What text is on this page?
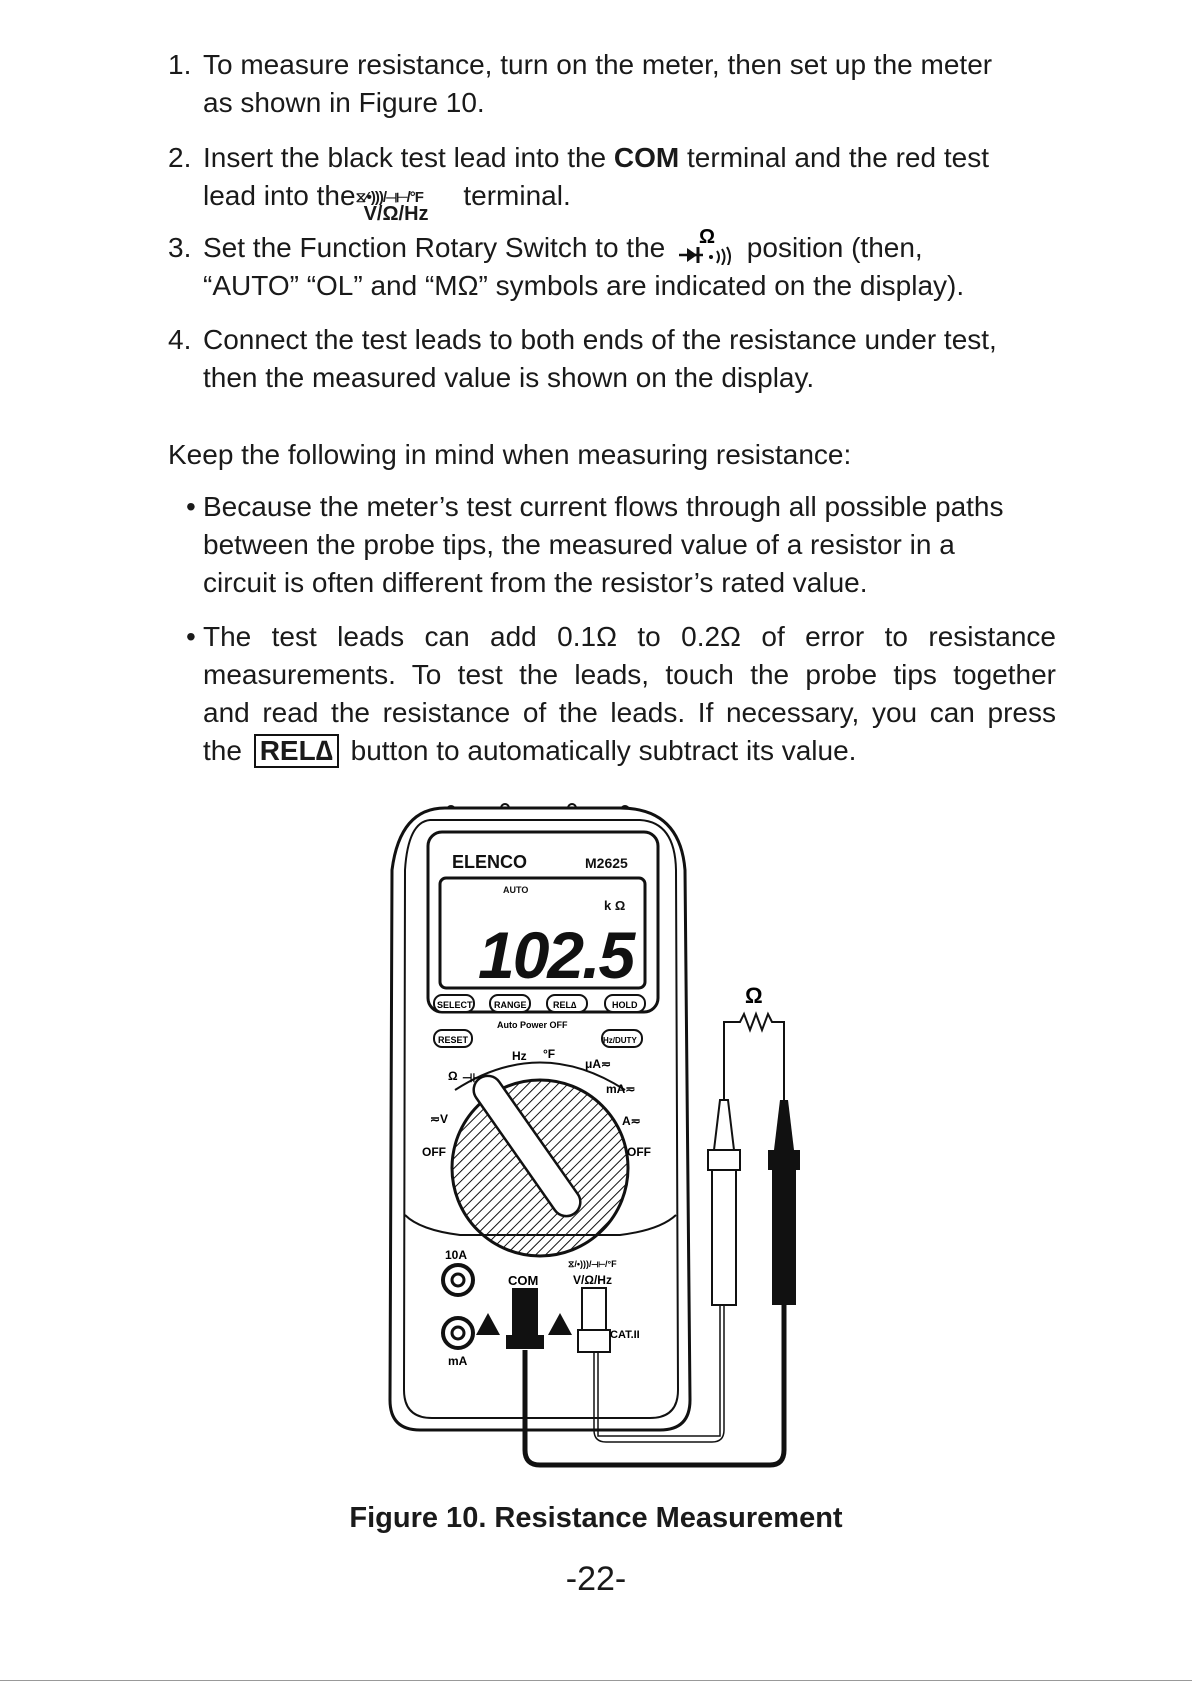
1. To measure resistance, turn on the meter, then set up the meter
as shown in Figure 10.
2. Insert the black test lead into the COM terminal and the red test
lead into the ⧖⁄•)))/⊣⊢/°F
V/Ω/Hz
terminal.
3. Set the Function Rotary Switch to the Ω position (then,
“AUTO” “OL” and “MΩ” symbols are indicated on the display).
4. Connect the test leads to both ends of the resistance under test,
then the measured value is shown on the display.
Keep the following in mind when measuring resistance:
• Because the meter’s test current flows through all possible paths
between the probe tips, the measured value of a resistor in a
circuit is often different from the resistor’s rated value.
• The test leads can add 0.1Ω to 0.2Ω of error to resistance
measurements. To test the leads, touch the probe tips together
and read the resistance of the leads. If necessary, you can press
the REL∆ button to automatically subtract its value.
ELENCO	M2625
AUTO
102.5
k Ω
SELECT RANGE	REL∆	HOLD
RESET	Hz/DUTY
Auto Power OFF
⊣⊢
Hz °F
μA≂
mA≂
A≂
OFF
OFF
≂V
Ω
10A
COM
⧖/•)))/⊣⊢/°F
V/Ω/Hz
mA
CAT.II
Ω
Figure 10. Resistance Measurement
-22-
